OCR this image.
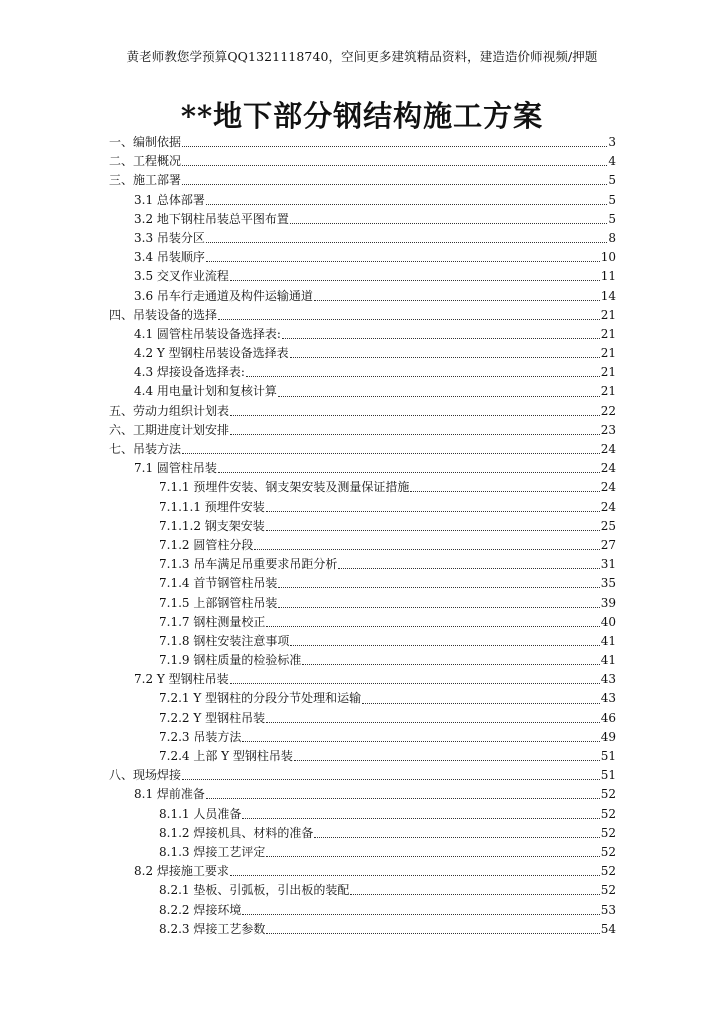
黄老师教您学预算QQ1321118740，空间更多建筑精品资料，建造造价师视频/押题
**地下部分钢结构施工方案
一、编制依据	3
二、工程概况	4
三、施工部署	5
3.1 总体部署	5
3.2 地下钢柱吊装总平图布置	5
3.3 吊装分区	8
3.4 吊装顺序	10
3.5 交叉作业流程	11
3.6 吊车行走通道及构件运输通道	14
四、吊装设备的选择	21
4.1 圆管柱吊装设备选择表:	21
4.2 Y 型钢柱吊装设备选择表	21
4.3 焊接设备选择表:	21
4.4 用电量计划和复核计算	21
五、劳动力组织计划表	22
六、工期进度计划安排	23
七、吊装方法	24
7.1 圆管柱吊装	24
7.1.1 预埋件安装、钢支架安装及测量保证措施	24
7.1.1.1 预埋件安装	24
7.1.1.2 钢支架安装	25
7.1.2 圆管柱分段	27
7.1.3 吊车满足吊重要求吊距分析	31
7.1.4 首节钢管柱吊装	35
7.1.5 上部钢管柱吊装	39
7.1.7 钢柱测量校正	40
7.1.8 钢柱安装注意事项	41
7.1.9 钢柱质量的检验标准	41
7.2 Y 型钢柱吊装	43
7.2.1 Y 型钢柱的分段分节处理和运输	43
7.2.2 Y 型钢柱吊装	46
7.2.3 吊装方法	49
7.2.4 上部 Y 型钢柱吊装	51
八、现场焊接	51
8.1 焊前准备	52
8.1.1 人员准备	52
8.1.2 焊接机具、材料的准备	52
8.1.3 焊接工艺评定	52
8.2 焊接施工要求	52
8.2.1 垫板、引弧板，引出板的装配	52
8.2.2 焊接环境	53
8.2.3 焊接工艺参数	54
